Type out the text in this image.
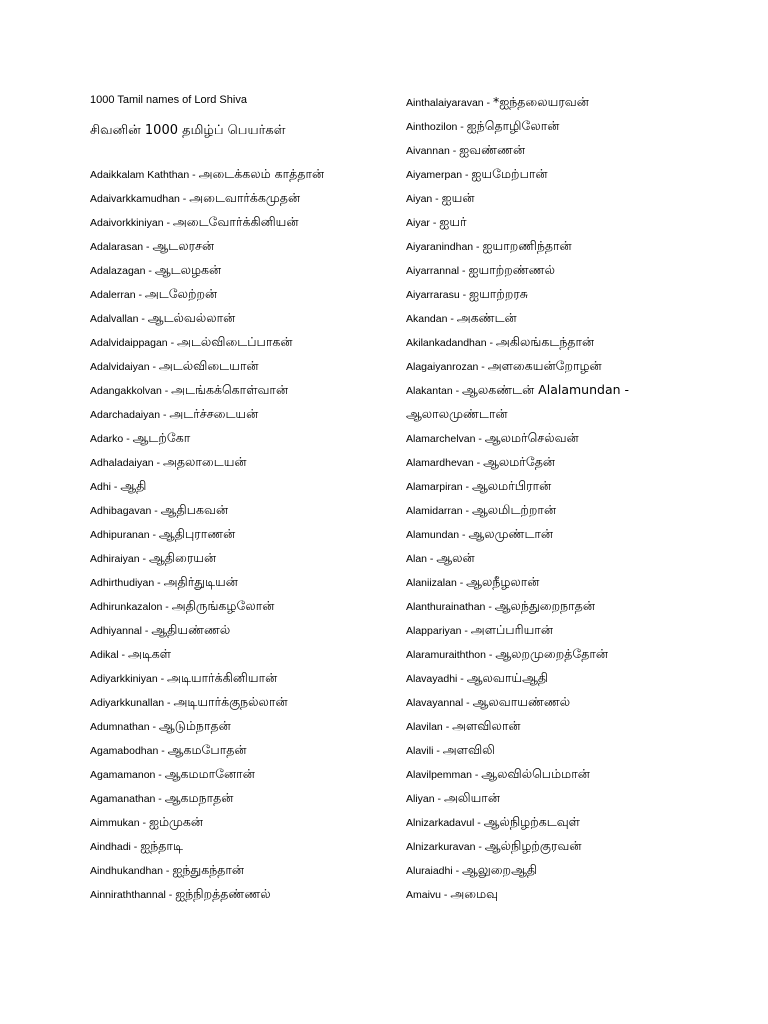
1000 Tamil names of Lord Shiva
சிவனின் 1000 தமிழ்ப் பெயர்கள்
Adaikkalam Kaththan - அடைக்கலம் காத்தான்
Adaivarkkamudhan - அடைவார்க்கமுதன்
Adaivorkkiniyan - அடைவோர்க்கினியன்
Adalarasan - ஆடலரசன்
Adalazagan - ஆடலழகன்
Adalerran - அடலேற்றன்
Adalvallan - ஆடல்வல்லான்
Adalvidaippagan - அடல்விடைப்பாகன்
Adalvidaiyan - அடல்விடையான்
Adangakkolvan - அடங்கக்கொள்வான்
Adarchadaiyan - அடர்ச்சடையன்
Adarko - ஆடற்கோ
Adhaladaiyan - அதலாடையன்
Adhi - ஆதி
Adhibagavan - ஆதிபகவன்
Adhipuranan - ஆதிபுராணன்
Adhiraiyan - ஆதிரையன்
Adhirthudiyan - அதிர்துடியன்
Adhirunkazalon - அதிருங்கழலோன்
Adhiyannal - ஆதியண்ணல்
Adikal - அடிகள்
Adiyarkkiniyan - அடியார்க்கினியான்
Adiyarkkunallan - அடியார்க்குநல்லான்
Adumnathan - ஆடும்நாதன்
Agamabodhan - ஆகமபோதன்
Agamamanon - ஆகமமானோன்
Agamanathan - ஆகமநாதன்
Aimmukan - ஐம்முகன்
Aindhadi - ஐந்தாடி
Aindhukandhan - ஐந்துகந்தான்
Ainniraththannal - ஐந்நிறத்தண்ணல்
Ainthalaiyaravan - *ஐந்தலையரவன்
Ainthozilon - ஐந்தொழிலோன்
Aivannan - ஐவண்ணன்
Aiyamerpan - ஐயமேற்பான்
Aiyan - ஐயன்
Aiyar - ஐயர்
Aiyaranindhan - ஐயாறணிந்தான்
Aiyarrannal - ஐயாற்றண்ணல்
Aiyarrarasu - ஐயாற்றரசு
Akandan - அகண்டன்
Akilankadandhan - அகிலங்கடந்தான்
Alagaiyanrozan - அளகையன்றோழன்
Alakantan - ஆலகண்டன் Alalamundan -
ஆலாலமுண்டான்
Alamarchelvan - ஆலமர்செல்வன்
Alamardhevan - ஆலமர்தேன்
Alamarpiran - ஆலமர்பிரான்
Alamidarran - ஆலமிடற்றான்
Alamundan - ஆலமுண்டான்
Alan - ஆலன்
Alaniizalan - ஆலநீழலான்
Alanthurainathan - ஆலந்துறைநாதன்
Alappariyan - அளப்பரியான்
Alaramuraiththon - ஆலறமுறைத்தோன்
Alavayadhi - ஆலவாய்ஆதி
Alavayannal - ஆலவாயண்ணல்
Alavilan - அளவிலான்
Alavili - அளவிலி
Alavilpemman - ஆலவில்பெம்மான்
Aliyan - அலியான்
Alnizarkadavul - ஆல்நிழற்கடவுள்
Alnizarkuravan - ஆல்நிழற்குரவன்
Aluraiadhi - ஆலுறைஆதி
Amaivu - அமைவு
